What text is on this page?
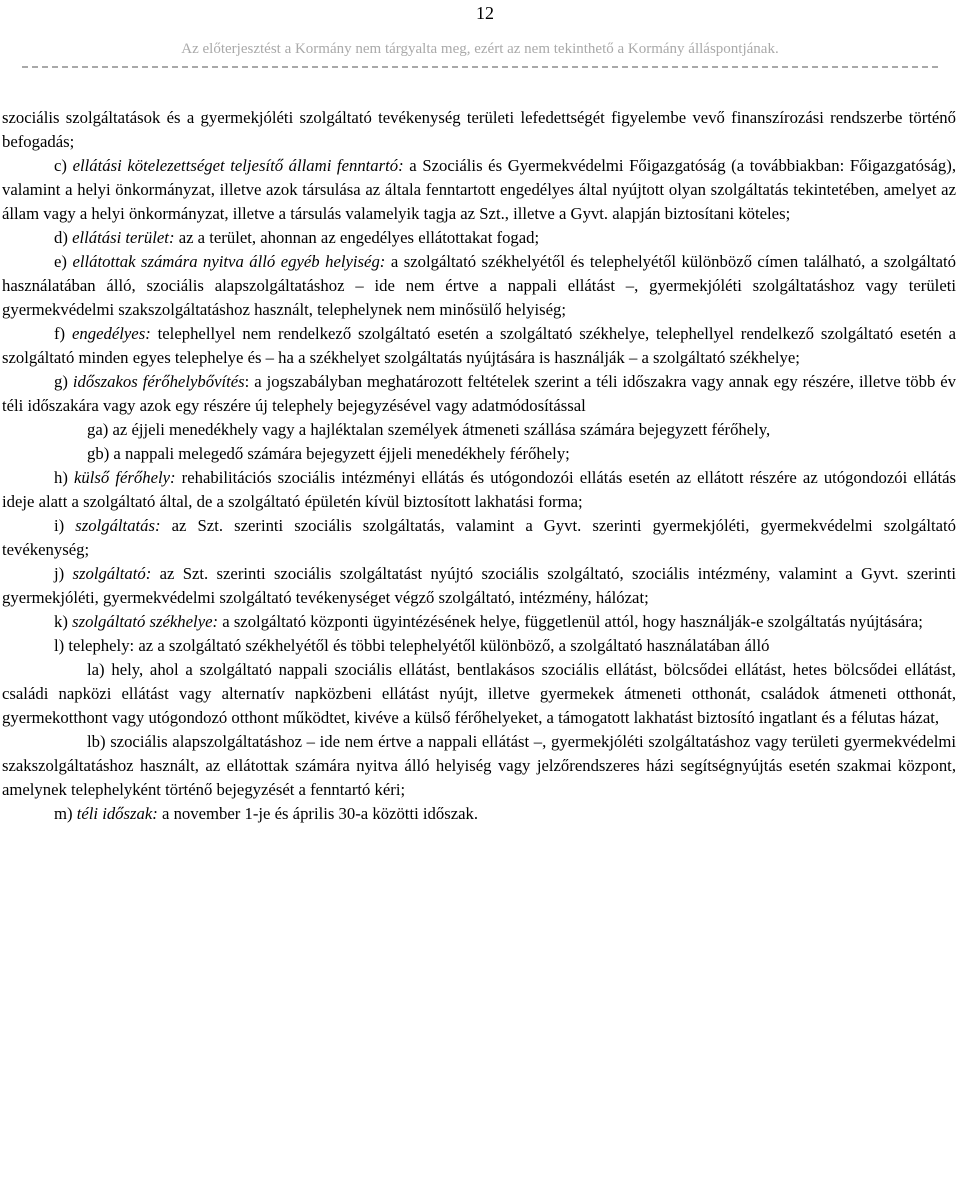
12
Az előterjesztést a Kormány nem tárgyalta meg, ezért az nem tekinthető a Kormány álláspontjának.

szociális szolgáltatások és a gyermekjóléti szolgáltató tevékenység területi lefedettségét figyelembe vevő finanszírozási rendszerbe történő befogadás;

c) ellátási kötelezettséget teljesítő állami fenntartó: a Szociális és Gyermekvédelmi Főigazgatóság (a továbbiakban: Főigazgatóság), valamint a helyi önkormányzat, illetve azok társulása az általa fenntartott engedélyes által nyújtott olyan szolgáltatás tekintetében, amelyet az állam vagy a helyi önkormányzat, illetve a társulás valamelyik tagja az Szt., illetve a Gyvt. alapján biztosítani köteles;

d) ellátási terület: az a terület, ahonnan az engedélyes ellátottakat fogad;

e) ellátottak számára nyitva álló egyéb helyiség: a szolgáltató székhelyétől és telephelyétől különböző címen található, a szolgáltató használatában álló, szociális alapszolgáltatáshoz – ide nem értve a nappali ellátást –, gyermekjóléti szolgáltatáshoz vagy területi gyermekvédelmi szakszolgáltatáshoz használt, telephelynek nem minősülő helyiség;

f) engedélyes: telephellyel nem rendelkező szolgáltató esetén a szolgáltató székhelye, telephellyel rendelkező szolgáltató esetén a szolgáltató minden egyes telephelye és – ha a székhelyet szolgáltatás nyújtására is használják – a szolgáltató székhelye;

g) időszakos férőhelybővítés: a jogszabályban meghatározott feltételek szerint a téli időszakra vagy annak egy részére, illetve több év téli időszakára vagy azok egy részére új telephely bejegyzésével vagy adatmódosítással

ga) az éjjeli menedékhely vagy a hajléktalan személyek átmeneti szállása számára bejegyzett férőhely,

gb) a nappali melegedő számára bejegyzett éjjeli menedékhely férőhely;

h) külső férőhely: rehabilitációs szociális intézményi ellátás és utógondozói ellátás esetén az ellátott részére az utógondozói ellátás ideje alatt a szolgáltató által, de a szolgáltató épületén kívül biztosított lakhatási forma;

i) szolgáltatás: az Szt. szerinti szociális szolgáltatás, valamint a Gyvt. szerinti gyermekjóléti, gyermekvédelmi szolgáltató tevékenység;

j) szolgáltató: az Szt. szerinti szociális szolgáltatást nyújtó szociális szolgáltató, szociális intézmény, valamint a Gyvt. szerinti gyermekjóléti, gyermekvédelmi szolgáltató tevékenységet végző szolgáltató, intézmény, hálózat;

k) szolgáltató székhelye: a szolgáltató központi ügyintézésének helye, függetlenül attól, hogy használják-e szolgáltatás nyújtására;

l) telephely: az a szolgáltató székhelyétől és többi telephelyétől különböző, a szolgáltató használatában álló

la) hely, ahol a szolgáltató nappali szociális ellátást, bentlakásos szociális ellátást, bölcsődei ellátást, hetes bölcsődei ellátást, családi napközi ellátást vagy alternatív napközbeni ellátást nyújt, illetve gyermekek átmeneti otthonát, családok átmeneti otthonát, gyermekotthont vagy utógondozó otthont működtet, kivéve a külső férőhelyeket, a támogatott lakhatást biztosító ingatlant és a félutas házat,

lb) szociális alapszolgáltatáshoz – ide nem értve a nappali ellátást –, gyermekjóléti szolgáltatáshoz vagy területi gyermekvédelmi szakszolgáltatáshoz használt, az ellátottak számára nyitva álló helyiség vagy jelzőrendszeres házi segítségnyújtás esetén szakmai központ, amelynek telephelyként történő bejegyzését a fenntartó kéri;

m) téli időszak: a november 1-je és április 30-a közötti időszak.
